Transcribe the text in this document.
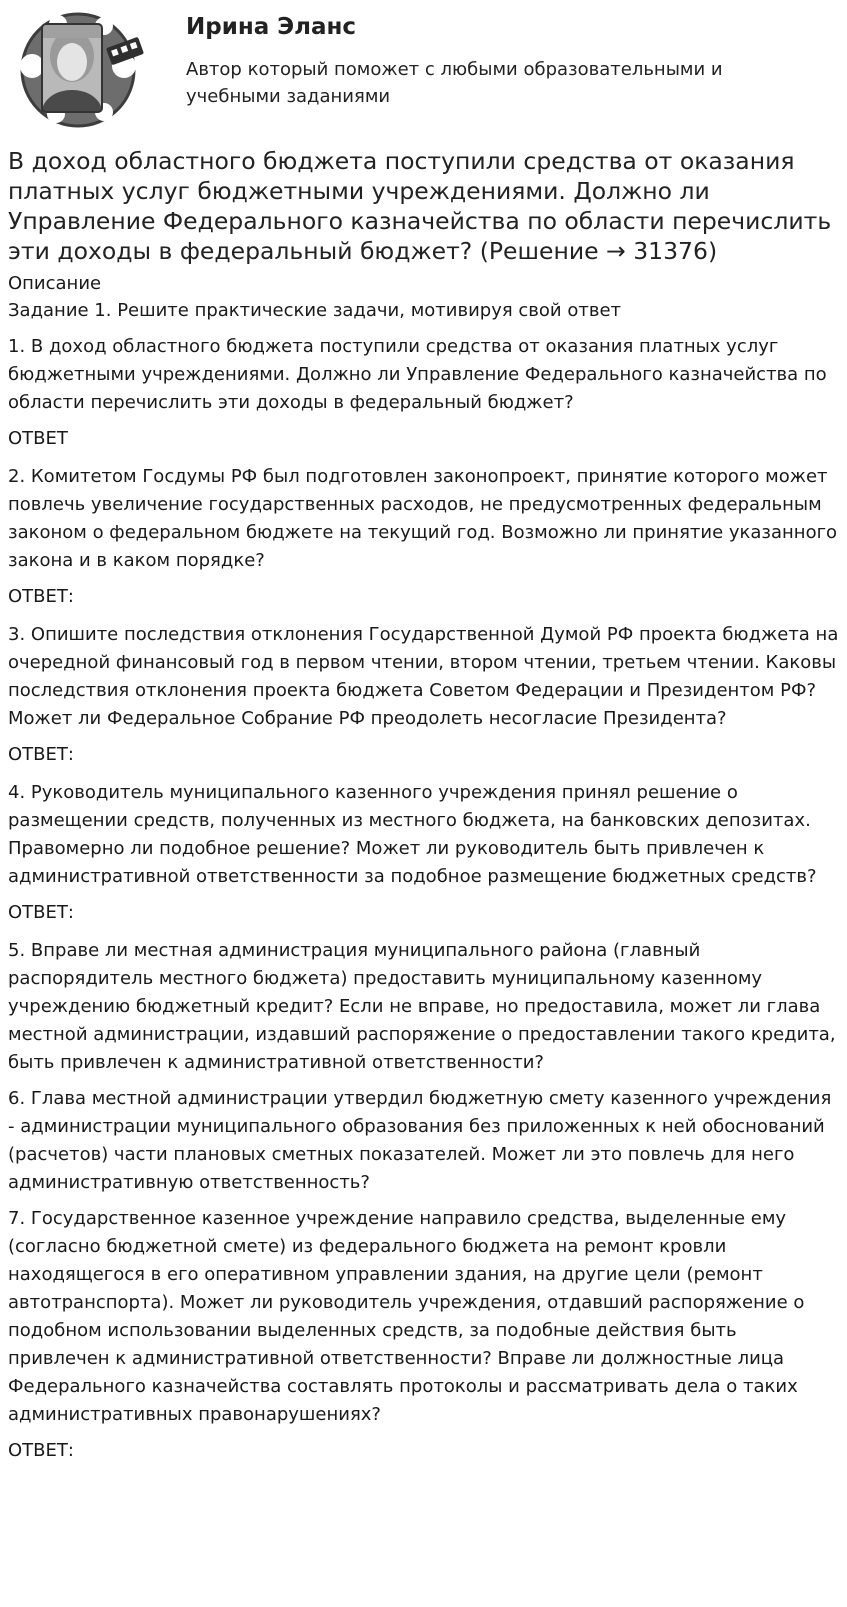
Ирина Эланс
Автор который поможет с любыми образовательными и учебными заданиями
В доход областного бюджета поступили средства от оказания платных услуг бюджетными учреждениями. Должно ли Управление Федерального казначейства по области перечислить эти доходы в федеральный бюджет? (Решение → 31376)
Описание

Задание 1. Решите практические задачи, мотивируя свой ответ

1. В доход областного бюджета поступили средства от оказания платных услуг бюджетными учреждениями. Должно ли Управление Федерального казначейства по области перечислить эти доходы в федеральный бюджет?

ОТВЕТ

2. Комитетом Госдумы РФ был подготовлен законопроект, принятие которого может повлечь увеличение государственных расходов, не предусмотренных федеральным законом о федеральном бюджете на текущий год. Возможно ли принятие указанного закона и в каком порядке?

ОТВЕТ:

3. Опишите последствия отклонения Государственной Думой РФ проекта бюджета на очередной финансовый год в первом чтении, втором чтении, третьем чтении. Каковы последствия отклонения проекта бюджета Советом Федерации и Президентом РФ? Может ли Федеральное Собрание РФ преодолеть несогласие Президента?

ОТВЕТ:

4. Руководитель муниципального казенного учреждения принял решение о размещении средств, полученных из местного бюджета, на банковских депозитах. Правомерно ли подобное решение? Может ли руководитель быть привлечен к административной ответственности за подобное размещение бюджетных средств?

ОТВЕТ:

5. Вправе ли местная администрация муниципального района (главный распорядитель местного бюджета) предоставить муниципальному казенному учреждению бюджетный кредит? Если не вправе, но предоставила, может ли глава местной администрации, издавший распоряжение о предоставлении такого кредита, быть привлечен к административной ответственности?

6. Глава местной администрации утвердил бюджетную смету казенного учреждения - администрации муниципального образования без приложенных к ней обоснований (расчетов) части плановых сметных показателей. Может ли это повлечь для него административную ответственность?

7. Государственное казенное учреждение направило средства, выделенные ему (согласно бюджетной смете) из федерального бюджета на ремонт кровли находящегося в его оперативном управлении здания, на другие цели (ремонт автотранспорта). Может ли руководитель учреждения, отдавший распоряжение о подобном использовании выделенных средств, за подобные действия быть привлечен к административной ответственности? Вправе ли должностные лица Федерального казначейства составлять протоколы и рассматривать дела о таких административных правонарушениях?

ОТВЕТ:
